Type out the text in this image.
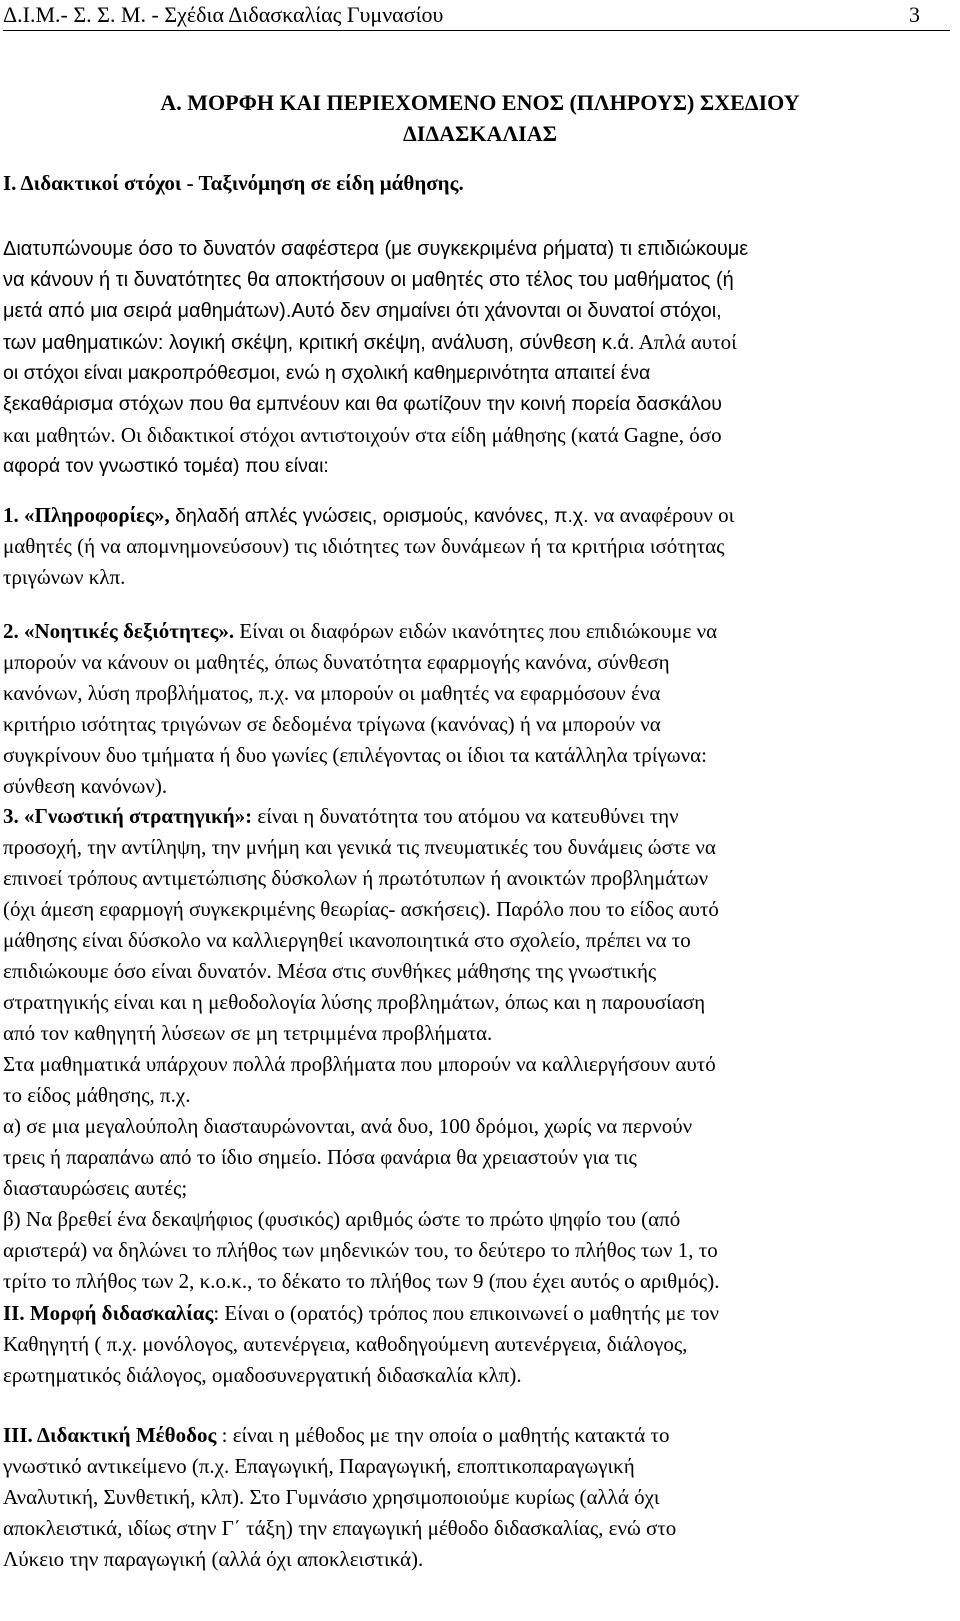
Δ.Ι.Μ.- Σ. Σ. Μ. - Σχέδια Διδασκαλίας Γυμνασίου	3
Α. ΜΟΡΦΗ ΚΑΙ ΠΕΡΙΕΧΟΜΕΝΟ ΕΝΟΣ (ΠΛΗΡΟΥΣ) ΣΧΕΔΙΟΥ
ΔΙΔΑΣΚΑΛΙΑΣ
Ι. Διδακτικοί στόχοι - Ταξινόμηση σε είδη μάθησης.
Διατυπώνουμε όσο το δυνατόν σαφέστερα (με συγκεκριμένα ρήματα) τι επιδιώκουμε
να κάνουν ή τι δυνατότητες θα αποκτήσουν οι μαθητές στο τέλος του μαθήματος (ή
μετά από μια σειρά μαθημάτων).Αυτό δεν σημαίνει ότι χάνονται οι δυνατοί στόχοι,
των μαθηματικών: λογική σκέψη, κριτική σκέψη, ανάλυση, σύνθεση κ.ά. Απλά αυτοί
οι στόχοι είναι μακροπρόθεσμοι, ενώ η σχολική καθημερινότητα απαιτεί ένα
ξεκαθάρισμα στόχων που θα εμπνέουν και θα φωτίζουν την κοινή πορεία δασκάλου
και μαθητών. Οι διδακτικοί στόχοι αντιστοιχούν στα είδη μάθησης (κατά Gagne, όσο
αφορά τον γνωστικό τομέα) που είναι:
1. «Πληροφορίες», δηλαδή απλές γνώσεις, ορισμούς, κανόνες, π.χ. να αναφέρουν οι
μαθητές (ή να απομνημονεύσουν) τις ιδιότητες των δυνάμεων ή τα κριτήρια ισότητας
τριγώνων κλπ.
2. «Νοητικές δεξιότητες». Είναι οι διαφόρων ειδών ικανότητες που επιδιώκουμε να
μπορούν να κάνουν οι μαθητές, όπως δυνατότητα εφαρμογής κανόνα, σύνθεση
κανόνων, λύση προβλήματος, π.χ. να μπορούν οι μαθητές να εφαρμόσουν ένα
κριτήριο ισότητας τριγώνων σε δεδομένα τρίγωνα (κανόνας) ή να μπορούν να
συγκρίνουν δυο τμήματα ή δυο γωνίες (επιλέγοντας οι ίδιοι τα κατάλληλα τρίγωνα:
σύνθεση κανόνων).
3. «Γνωστική στρατηγική»: είναι η δυνατότητα του ατόμου να κατευθύνει την
προσοχή, την αντίληψη, την μνήμη και γενικά τις πνευματικές του δυνάμεις ώστε να
επινοεί τρόπους αντιμετώπισης δύσκολων ή πρωτότυπων ή ανοικτών προβλημάτων
(όχι άμεση εφαρμογή συγκεκριμένης θεωρίας- ασκήσεις). Παρόλο που το είδος αυτό
μάθησης είναι δύσκολο να καλλιεργηθεί ικανοποιητικά στο σχολείο, πρέπει να το
επιδιώκουμε όσο είναι δυνατόν. Μέσα στις συνθήκες μάθησης της γνωστικής
στρατηγικής είναι και η μεθοδολογία λύσης προβλημάτων, όπως και η παρουσίαση
από τον καθηγητή λύσεων σε μη τετριμμένα προβλήματα.
Στα μαθηματικά υπάρχουν πολλά προβλήματα που μπορούν να καλλιεργήσουν αυτό
το είδος μάθησης, π.χ.
α) σε μια μεγαλούπολη διασταυρώνονται, ανά δυο, 100 δρόμοι, χωρίς να περνούν
τρεις ή παραπάνω από το ίδιο σημείο. Πόσα φανάρια θα χρειαστούν για τις
διασταυρώσεις αυτές;
β) Να βρεθεί ένα δεκαψήφιος (φυσικός) αριθμός ώστε το πρώτο ψηφίο του (από
αριστερά) να δηλώνει το πλήθος των μηδενικών του, το δεύτερο το πλήθος των 1, το
τρίτο το πλήθος των 2, κ.ο.κ., το δέκατο το πλήθος των 9 (που έχει αυτός ο αριθμός).
ΙΙ. Μορφή διδασκαλίας: Είναι ο (ορατός) τρόπος που επικοινωνεί ο μαθητής με τον
Καθηγητή ( π.χ. μονόλογος, αυτενέργεια, καθοδηγούμενη αυτενέργεια, διάλογος,
ερωτηματικός διάλογος, ομαδοσυνεργατική διδασκαλία κλπ).
ΙΙΙ. Διδακτική Μέθοδος : είναι η μέθοδος με την οποία ο μαθητής κατακτά το
γνωστικό αντικείμενο (π.χ. Επαγωγική, Παραγωγική, εποπτικοπαραγωγική
Αναλυτική, Συνθετική, κλπ). Στο Γυμνάσιο χρησιμοποιούμε κυρίως (αλλά όχι
αποκλειστικά, ιδίως στην Γ΄ τάξη) την επαγωγική μέθοδο διδασκαλίας, ενώ στο
Λύκειο την παραγωγική (αλλά όχι αποκλειστικά).
